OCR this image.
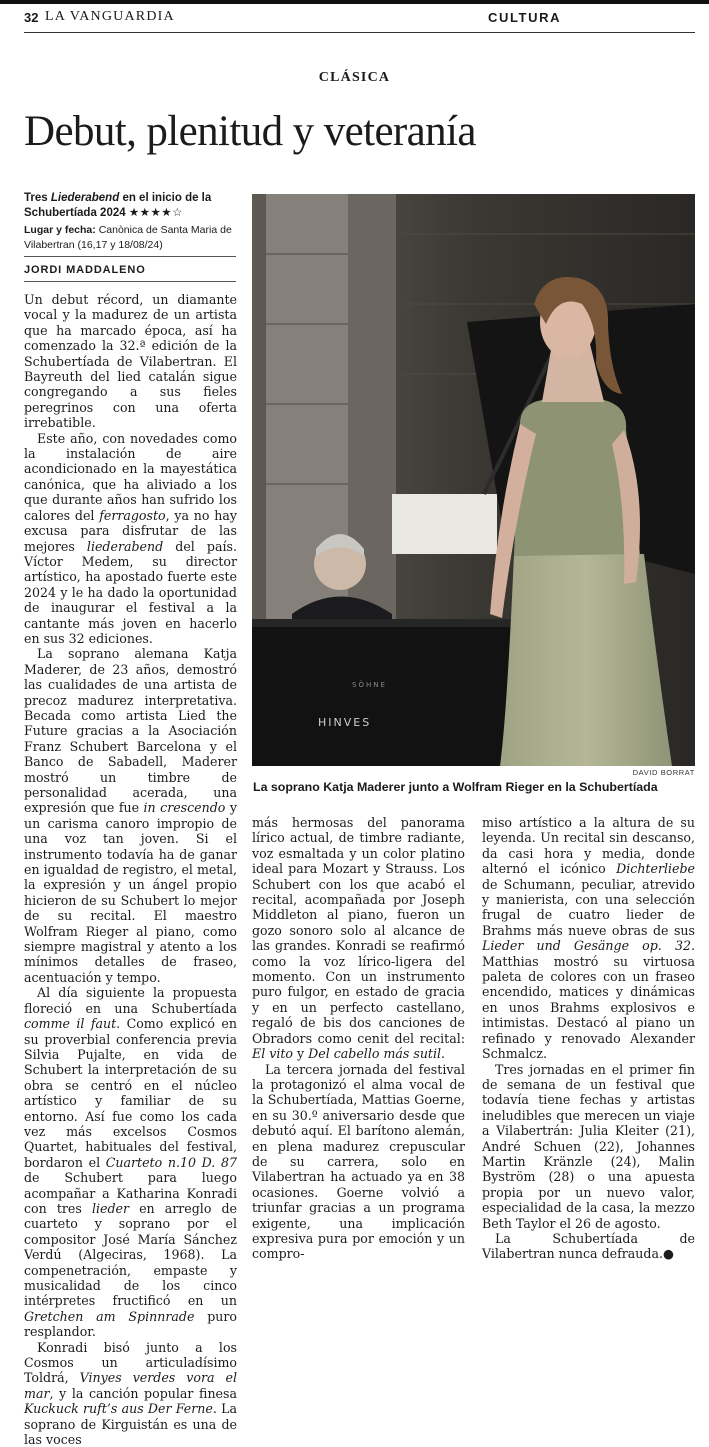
32 LA VANGUARDIA	CULTURA
CLÁSICA
Debut, plenitud y veteranía
Tres Liederabend en el inicio de la Schubertíada 2024 ★★★★☆
Lugar y fecha: Canònica de Santa Maria de Vilabertran (16,17 y 18/08/24)
JORDI MADDALENO

Un debut récord, un diamante vocal y la madurez de un artista que ha marcado época, así ha comenzado la 32.ª edición de la Schubertíada de Vilabertran. El Bayreuth del lied catalán sigue congregando a sus fieles peregrinos con una oferta irrebatible.

Este año, con novedades como la instalación de aire acondicionado en la mayestática canónica, que ha aliviado a los que durante años han sufrido los calores del ferragosto, ya no hay excusa para disfrutar de las mejores liederabend del país. Víctor Medem, su director artístico, ha apostado fuerte este 2024 y le ha dado la oportunidad de inaugurar el festival a la cantante más joven en hacerlo en sus 32 ediciones.

La soprano alemana Katja Maderer, de 23 años, demostró las cualidades de una artista de precoz madurez interpretativa. Becada como artista Lied the Future gracias a la Asociación Franz Schubert Barcelona y el Banco de Sabadell, Maderer mostró un timbre de personalidad acerada, una expresión que fue in crescendo y un carisma canoro impropio de una voz tan joven. Si el instrumento todavía ha de ganar en igualdad de registro, el metal, la expresión y un ángel propio hicieron de su Schubert lo mejor de su recital. El maestro Wolfram Rieger al piano, como siempre magistral y atento a los mínimos detalles de fraseo, acentuación y tempo.

Al día siguiente la propuesta floreció en una Schubertíada comme il faut. Como explicó en su proverbial conferencia previa Silvia Pujalte, en vida de Schubert la interpretación de su obra se centró en el núcleo artístico y familiar de su entorno. Así fue como los cada vez más excelsos Cosmos Quartet, habituales del festival, bordaron el Cuarteto n.10 D. 87 de Schubert para luego acompañar a Katharina Konradi con tres lieder en arreglo de cuarteto y soprano por el compositor José María Sánchez Verdú (Algeciras, 1968). La compenetración, empaste y musicalidad de los cinco intérpretes fructificó en un Gretchen am Spinnrade puro resplandor.

Konradi bisó junto a los Cosmos un articuladísimo Toldrá, Vinyes verdes vora el mar, y la canción popular finesa Kuckuck ruft’s aus Der Ferne. La soprano de Kirguistán es una de las voces

SÖHNE
HINVES
DAVID BORRAT
La soprano Katja Maderer junto a Wolfram Rieger en la Schubertíada

más hermosas del panorama lírico actual, de timbre radiante, voz esmaltada y un color platino ideal para Mozart y Strauss. Los Schubert con los que acabó el recital, acompañada por Joseph Middleton al piano, fueron un gozo sonoro solo al alcance de las grandes. Konradi se reafirmó como la voz lírico-ligera del momento. Con un instrumento puro fulgor, en estado de gracia y en un perfecto castellano, regaló de bis dos canciones de Obradors como cenit del recital: El vito y Del cabello más sutil.

La tercera jornada del festival la protagonizó el alma vocal de la Schubertíada, Mattias Goerne, en su 30.º aniversario desde que debutó aquí. El barítono alemán, en plena madurez crepuscular de su carrera, solo en Vilabertran ha actuado ya en 38 ocasiones. Goerne volvió a triunfar gracias a un programa exigente, una implicación expresiva pura por emoción y un compro-

miso artístico a la altura de su leyenda. Un recital sin descanso, da casi hora y media, donde alternó el icónico Dichterliebe de Schumann, peculiar, atrevido y manierista, con una selección frugal de cuatro lieder de Brahms más nueve obras de sus Lieder und Gesänge op. 32. Matthias mostró su virtuosa paleta de colores con un fraseo encendido, matices y dinámicas en unos Brahms explosivos e intimistas. Destacó al piano un refinado y renovado Alexander Schmalcz.

Tres jornadas en el primer fin de semana de un festival que todavía tiene fechas y artistas ineludibles que merecen un viaje a Vilabertrán: Julia Kleiter (21), André Schuen (22), Johannes Martin Kränzle (24), Malin Byström (28) o una apuesta propia por un nuevo valor, especialidad de la casa, la mezzo Beth Taylor el 26 de agosto.

La Schubertíada de Vilabertran nunca defrauda.●
